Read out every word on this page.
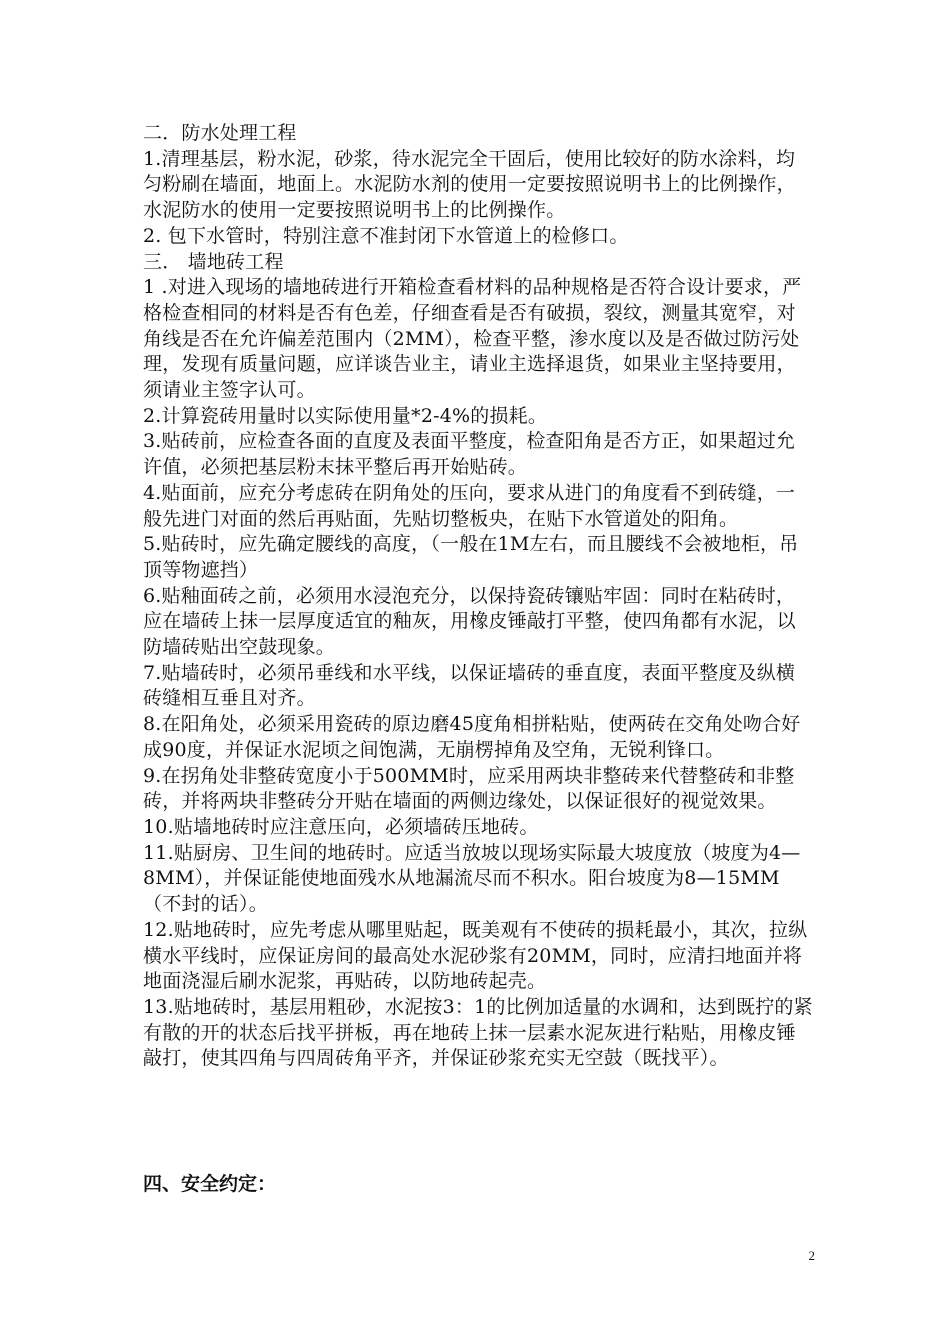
二．防水处理工程

1.清理基层，粉水泥，砂浆，待水泥完全干固后，使用比较好的防水涂料，均匀粉刷在墙面，地面上。水泥防水剂的使用一定要按照说明书上的比例操作，水泥防水的使用一定要按照说明书上的比例操作。

2. 包下水管时，特别注意不准封闭下水管道上的检修口。

三． 墙地砖工程

1 .对进入现场的墙地砖进行开箱检查看材料的品种规格是否符合设计要求，严格检查相同的材料是否有色差，仔细查看是否有破损，裂纹，测量其宽窄，对角线是否在允许偏差范围内（2MM），检查平整，渗水度以及是否做过防污处理，发现有质量问题，应详谈告业主，请业主选择退货，如果业主坚持要用，须请业主签字认可。

2.计算瓷砖用量时以实际使用量*2-4%的损耗。

3.贴砖前，应检查各面的直度及表面平整度，检查阳角是否方正，如果超过允许值，必须把基层粉末抹平整后再开始贴砖。

4.贴面前，应充分考虑砖在阴角处的压向，要求从进门的角度看不到砖缝，一般先进门对面的然后再贴面，先贴切整板央，在贴下水管道处的阳角。

5.贴砖时，应先确定腰线的高度，（一般在1M左右，而且腰线不会被地柜，吊顶等物遮挡）

6.贴釉面砖之前，必须用水浸泡充分，以保持瓷砖镶贴牢固：同时在粘砖时，应在墙砖上抹一层厚度适宜的釉灰，用橡皮锤敲打平整，使四角都有水泥，以防墙砖贴出空鼓现象。

7.贴墙砖时，必须吊垂线和水平线，以保证墙砖的垂直度，表面平整度及纵横砖缝相互垂且对齐。

8.在阳角处，必须采用瓷砖的原边磨45度角相拼粘贴，使两砖在交角处吻合好成90度，并保证水泥顷之间饱满，无崩楞掉角及空角，无锐利锋口。

9.在拐角处非整砖宽度小于500MM时，应采用两块非整砖来代替整砖和非整砖，并将两块非整砖分开贴在墙面的两侧边缘处，以保证很好的视觉效果。

10.贴墙地砖时应注意压向，必须墙砖压地砖。

11.贴厨房、卫生间的地砖时。应适当放坡以现场实际最大坡度放（坡度为4—8MM），并保证能使地面残水从地漏流尽而不积水。阳台坡度为8—15MM（不封的话）。

12.贴地砖时，应先考虑从哪里贴起，既美观有不使砖的损耗最小，其次，拉纵横水平线时，应保证房间的最高处水泥砂浆有20MM，同时，应清扫地面并将地面浇湿后刷水泥浆，再贴砖，以防地砖起壳。

13.贴地砖时，基层用粗砂，水泥按3：1的比例加适量的水调和，达到既拧的紧有散的开的状态后找平拼板，再在地砖上抹一层素水泥灰进行粘贴，用橡皮锤敲打，使其四角与四周砖角平齐，并保证砂浆充实无空鼓（既找平）。

四、安全约定：
2
